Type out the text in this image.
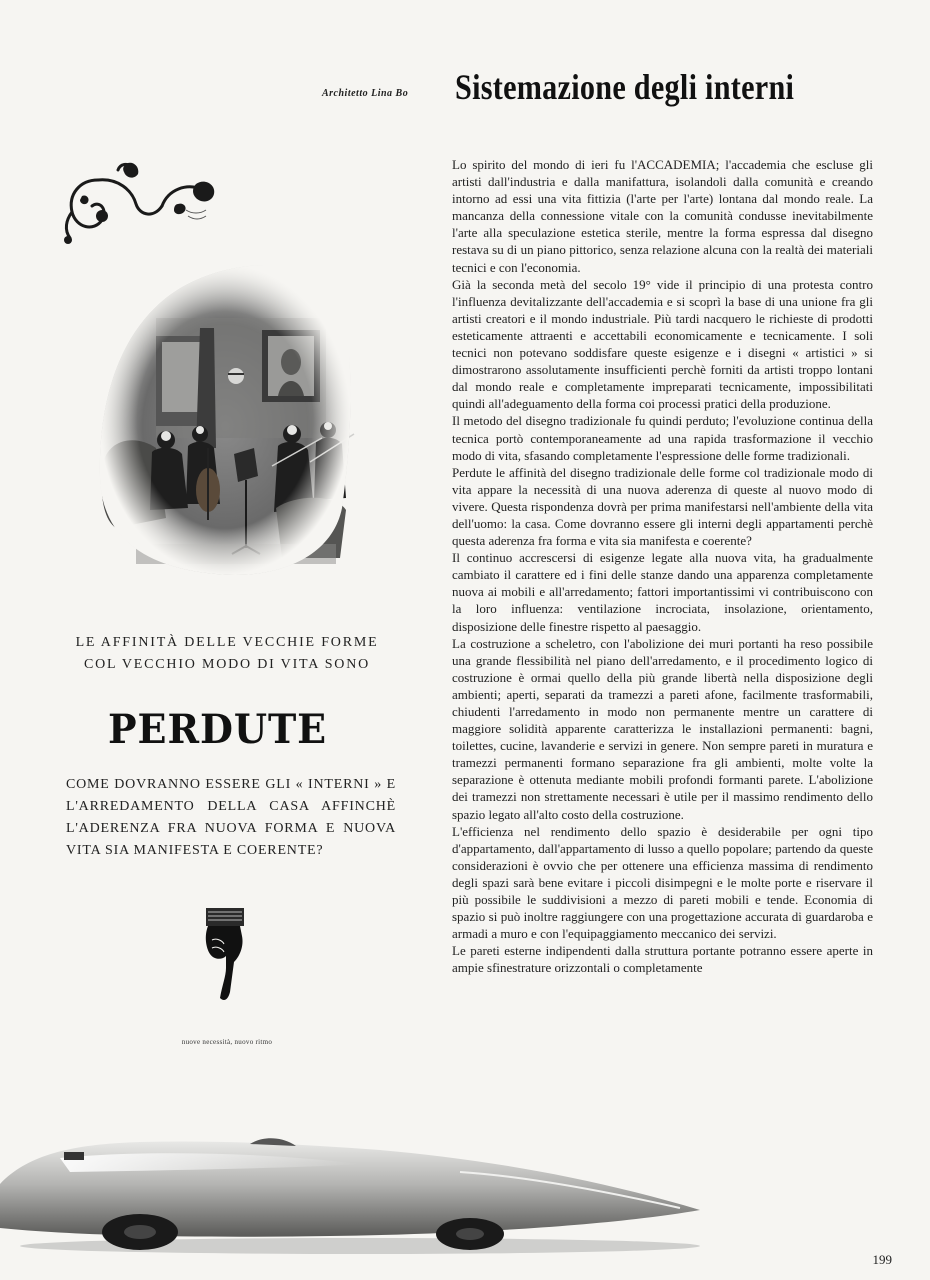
Architetto Lina Bo Sistemazione degli interni

LE AFFINITÀ DELLE VECCHIE FORME

COL VECCHIO MODO DI VITA SONO

PERDUTE

COME DOVRANNO ESSERE GLI « INTERNI » E L'ARREDAMENTO DELLA CASA AFFINCHÈ L'ADERENZA FRA NUOVA FORMA E NUOVA VITA SIA MANIFESTA E COERENTE?

nuove necessità, nuovo ritmo

Lo spirito del mondo di ieri fu l'ACCADEMIA; l'accademia che escluse gli artisti dall'industria e dalla manifattura, isolandoli dalla comunità e creando intorno ad essi una vita fittizia (l'arte per l'arte) lontana dal mondo reale. La mancanza della connessione vitale con la comunità condusse inevitabilmente l'arte alla speculazione estetica sterile, mentre la forma espressa dal disegno restava su di un piano pittorico, senza relazione alcuna con la realtà dei materiali tecnici e con l'economia.

Già la seconda metà del secolo 19° vide il principio di una protesta contro l'influenza devitalizzante dell'accademia e si scoprì la base di una unione fra gli artisti creatori e il mondo industriale. Più tardi nacquero le richieste di prodotti esteticamente attraenti e accettabili economicamente e tecnicamente. I soli tecnici non potevano soddisfare queste esigenze e i disegni « artistici » si dimostrarono assolutamente insufficienti perchè forniti da artisti troppo lontani dal mondo reale e completamente impreparati tecnicamente, impossibilitati quindi all'adeguamento della forma coi processi pratici della produzione.

Il metodo del disegno tradizionale fu quindi perduto; l'evoluzione continua della tecnica portò contemporaneamente ad una rapida trasformazione il vecchio modo di vita, sfasando completamente l'espressione delle forme tradizionali.

Perdute le affinità del disegno tradizionale delle forme col tradizionale modo di vita appare la necessità di una nuova aderenza di queste al nuovo modo di vivere. Questa rispondenza dovrà per prima manifestarsi nell'ambiente della vita dell'uomo: la casa. Come dovranno essere gli interni degli appartamenti perchè questa aderenza fra forma e vita sia manifesta e coerente?

Il continuo accrescersi di esigenze legate alla nuova vita, ha gradualmente cambiato il carattere ed i fini delle stanze dando una apparenza completamente nuova ai mobili e all'arredamento; fattori importantissimi vi contribuiscono con la loro influenza: ventilazione incrociata, insolazione, orientamento, disposizione delle finestre rispetto al paesaggio.

La costruzione a scheletro, con l'abolizione dei muri portanti ha reso possibile una grande flessibilità nel piano dell'arredamento, e il procedimento logico di costruzione è ormai quello della più grande libertà nella disposizione degli ambienti; aperti, separati da tramezzi a pareti afone, facilmente trasformabili, chiudenti l'arredamento in modo non permanente mentre un carattere di maggiore solidità apparente caratterizza le installazioni permanenti: bagni, toilettes, cucine, lavanderie e servizi in genere. Non sempre pareti in muratura e tramezzi permanenti formano separazione fra gli ambienti, molte volte la separazione è ottenuta mediante mobili profondi formanti parete. L'abolizione dei tramezzi non strettamente necessari è utile per il massimo rendimento dello spazio legato all'alto costo della costruzione.

L'efficienza nel rendimento dello spazio è desiderabile per ogni tipo d'appartamento, dall'appartamento di lusso a quello popolare; partendo da queste considerazioni è ovvio che per ottenere una efficienza massima di rendimento degli spazi sarà bene evitare i piccoli disimpegni e le molte porte e riservare il più possibile le suddivisioni a mezzo di pareti mobili e tende. Economia di spazio si può inoltre raggiungere con una progettazione accurata di guardaroba e armadi a muro e con l'equipaggiamento meccanico dei servizi.

Le pareti esterne indipendenti dalla struttura portante potranno essere aperte in ampie sfinestrature orizzontali o completamente

199
